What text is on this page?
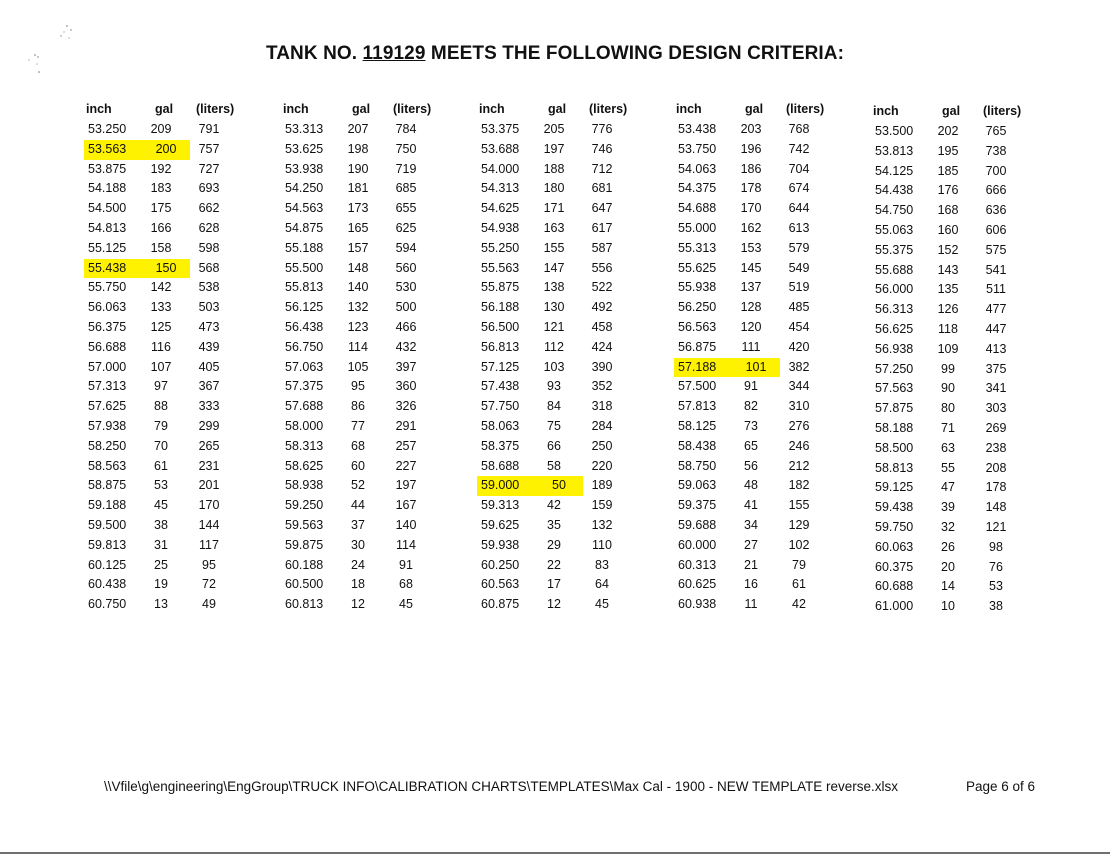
TANK NO. 119129 MEETS THE FOLLOWING DESIGN CRITERIA:
inch	gal (liters)
53.250	209	791
53.563	200	757
53.875	192	727
54.188	183	693
54.500	175	662
54.813	166	628
55.125	158	598
55.438	150	568
55.750	142	538
56.063	133	503
56.375	125	473
56.688	116	439
57.000	107	405
57.313	97	367
57.625	88	333
57.938	79	299
58.250	70	265
58.563	61	231
58.875	53	201
59.188	45	170
59.500	38	144
59.813	31	117
60.125	25	95
60.438	19	72
60.750	13	49
inch	gal (liters)
53.313	207	784
53.625	198	750
53.938	190	719
54.250	181	685
54.563	173	655
54.875	165	625
55.188	157	594
55.500	148	560
55.813	140	530
56.125	132	500
56.438	123	466
56.750	114	432
57.063	105	397
57.375	95	360
57.688	86	326
58.000	77	291
58.313	68	257
58.625	60	227
58.938	52	197
59.250	44	167
59.563	37	140
59.875	30	114
60.188	24	91
60.500	18	68
60.813	12	45
inch	gal (liters)
53.375	205	776
53.688	197	746
54.000	188	712
54.313	180	681
54.625	171	647
54.938	163	617
55.250	155	587
55.563	147	556
55.875	138	522
56.188	130	492
56.500	121	458
56.813	112	424
57.125	103	390
57.438	93	352
57.750	84	318
58.063	75	284
58.375	66	250
58.688	58	220
59.000	50	189
59.313	42	159
59.625	35	132
59.938	29	110
60.250	22	83
60.563	17	64
60.875	12	45
inch	gal (liters)
53.438	203	768
53.750	196	742
54.063	186	704
54.375	178	674
54.688	170	644
55.000	162	613
55.313	153	579
55.625	145	549
55.938	137	519
56.250	128	485
56.563	120	454
56.875	111	420
57.188	101	382
57.500	91	344
57.813	82	310
58.125	73	276
58.438	65	246
58.750	56	212
59.063	48	182
59.375	41	155
59.688	34	129
60.000	27	102
60.313	21	79
60.625	16	61
60.938	11	42
inch	gal (liters)
53.500	202	765
53.813	195	738
54.125	185	700
54.438	176	666
54.750	168	636
55.063	160	606
55.375	152	575
55.688	143	541
56.000	135	511
56.313	126	477
56.625	118	447
56.938	109	413
57.250	99	375
57.563	90	341
57.875	80	303
58.188	71	269
58.500	63	238
58.813	55	208
59.125	47	178
59.438	39	148
59.750	32	121
60.063	26	98
60.375	20	76
60.688	14	53
61.000	10	38
\\Vfile\g\engineering\EngGroup\TRUCK INFO\CALIBRATION CHARTS\TEMPLATES\Max Cal - 1900 - NEW TEMPLATE reverse.xlsx	Page 6 of 6
